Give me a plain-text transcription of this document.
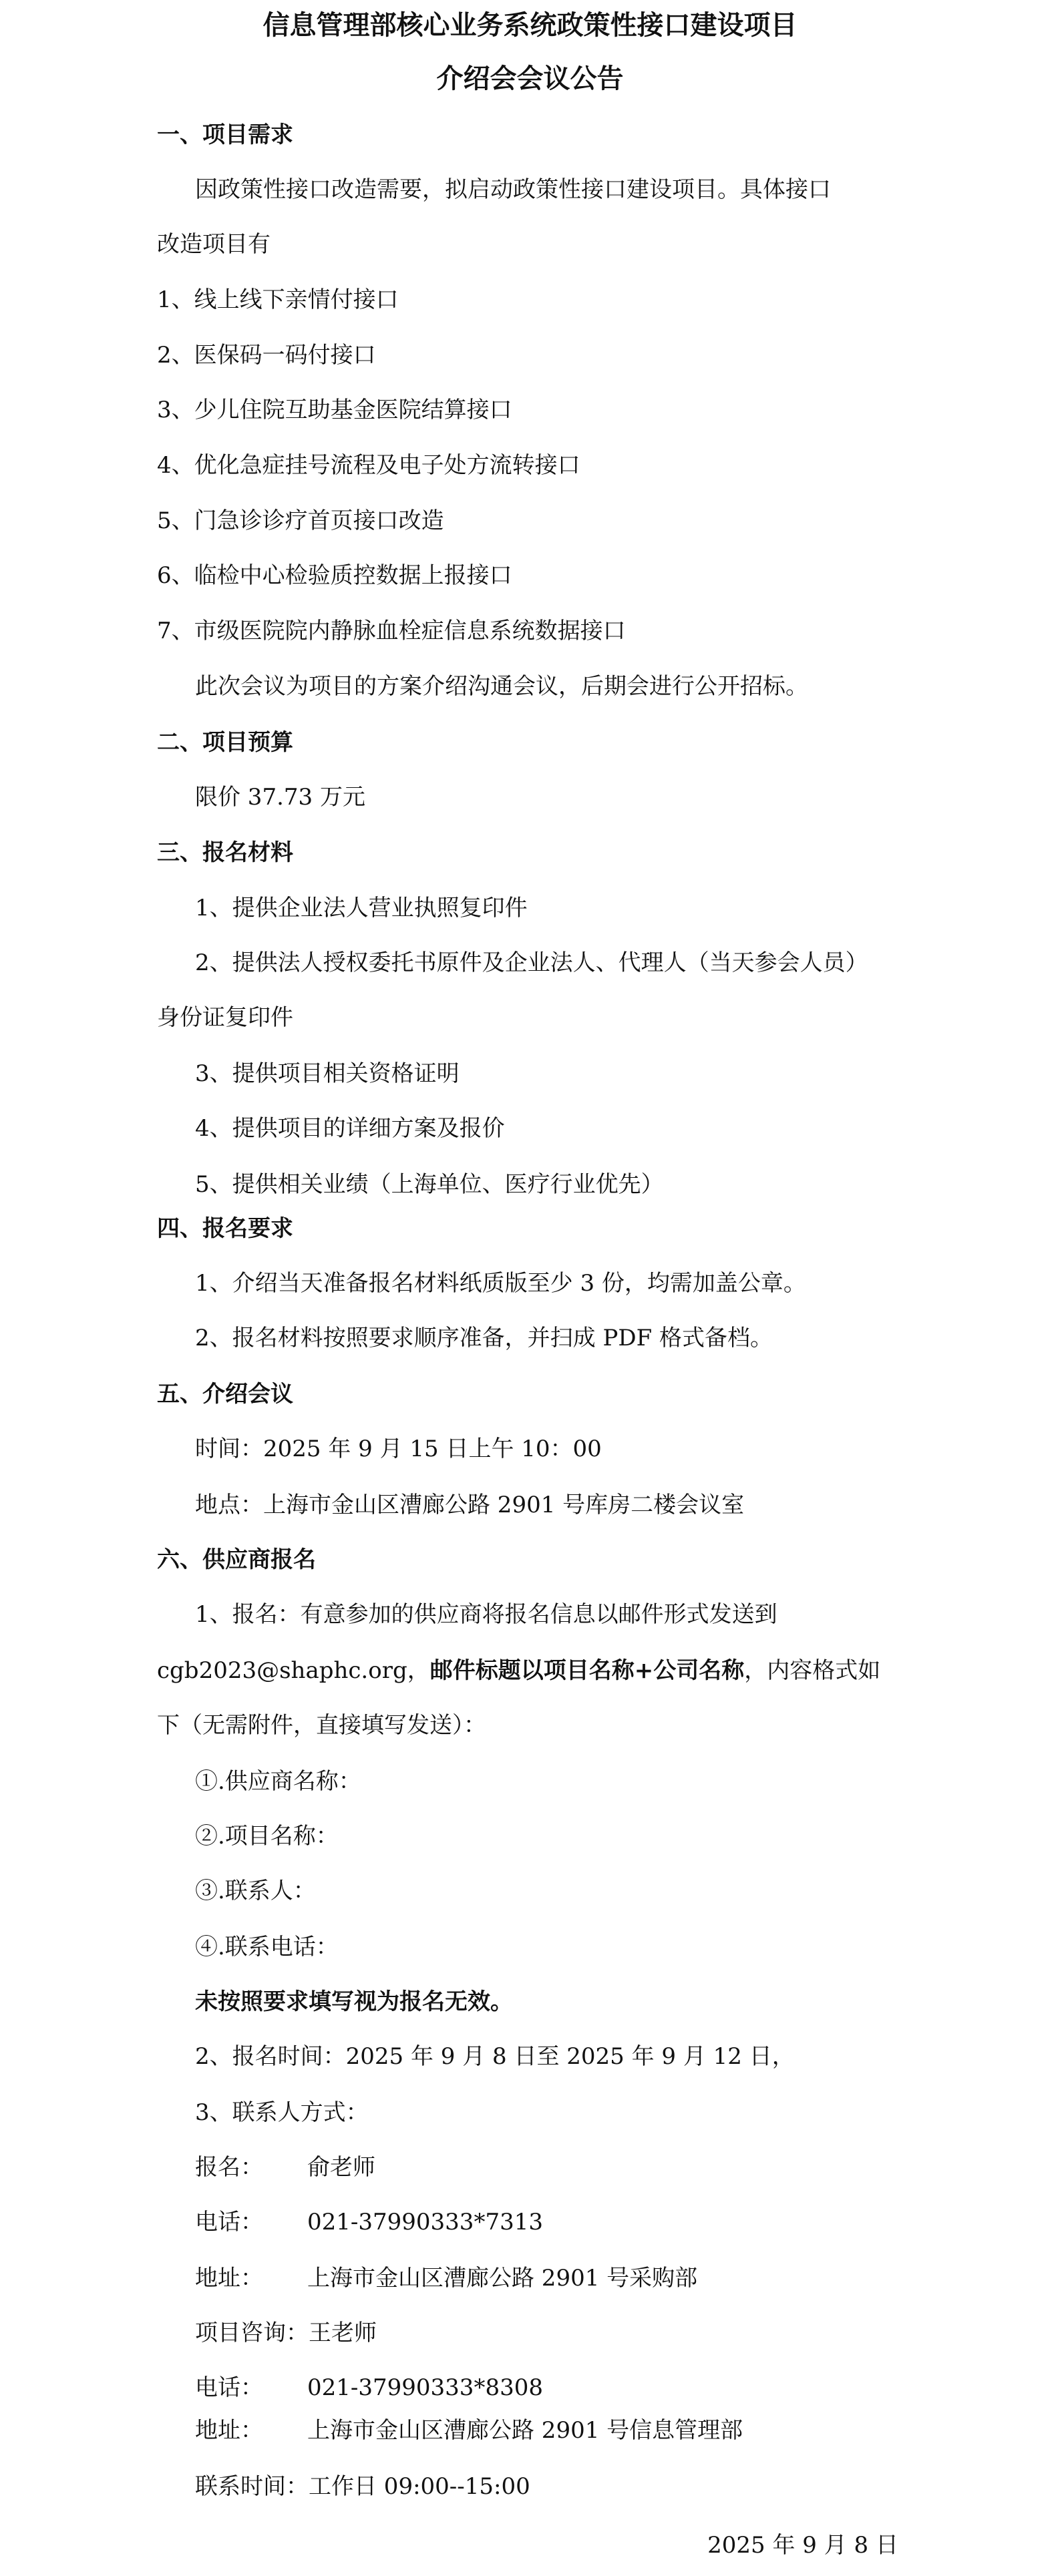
信息管理部核心业务系统政策性接口建设项目
介绍会会议公告
一、项目需求
因政策性接口改造需要，拟启动政策性接口建设项目。具体接口
改造项目有
1、线上线下亲情付接口
2、医保码一码付接口
3、少儿住院互助基金医院结算接口
4、优化急症挂号流程及电子处方流转接口
5、门急诊诊疗首页接口改造
6、临检中心检验质控数据上报接口
7、市级医院院内静脉血栓症信息系统数据接口
此次会议为项目的方案介绍沟通会议，后期会进行公开招标。
二、项目预算
限价 37.73 万元
三、报名材料
1、提供企业法人营业执照复印件
2、提供法人授权委托书原件及企业法人、代理人（当天参会人员）
身份证复印件
3、提供项目相关资格证明
4、提供项目的详细方案及报价
5、提供相关业绩（上海单位、医疗行业优先）
四、报名要求
1、介绍当天准备报名材料纸质版至少 3 份，均需加盖公章。
2、报名材料按照要求顺序准备，并扫成 PDF 格式备档。
五、介绍会议
时间：2025 年 9 月 15 日上午 10：00
地点：上海市金山区漕廊公路 2901 号库房二楼会议室
六、供应商报名
1、报名：有意参加的供应商将报名信息以邮件形式发送到
cgb2023@shaphc.org，邮件标题以项目名称+公司名称，内容格式如
下（无需附件，直接填写发送）：
①.供应商名称：
②.项目名称：
③.联系人：
④.联系电话：
未按照要求填写视为报名无效。
2、报名时间：2025 年 9 月 8 日至 2025 年 9 月 12 日，
3、联系人方式：
报名： 俞老师
电话： 021-37990333*7313
地址： 上海市金山区漕廊公路 2901 号采购部
项目咨询：王老师
电话： 021-37990333*8308
地址： 上海市金山区漕廊公路 2901 号信息管理部
联系时间：工作日 09:00--15:00
2025 年 9 月 8 日
